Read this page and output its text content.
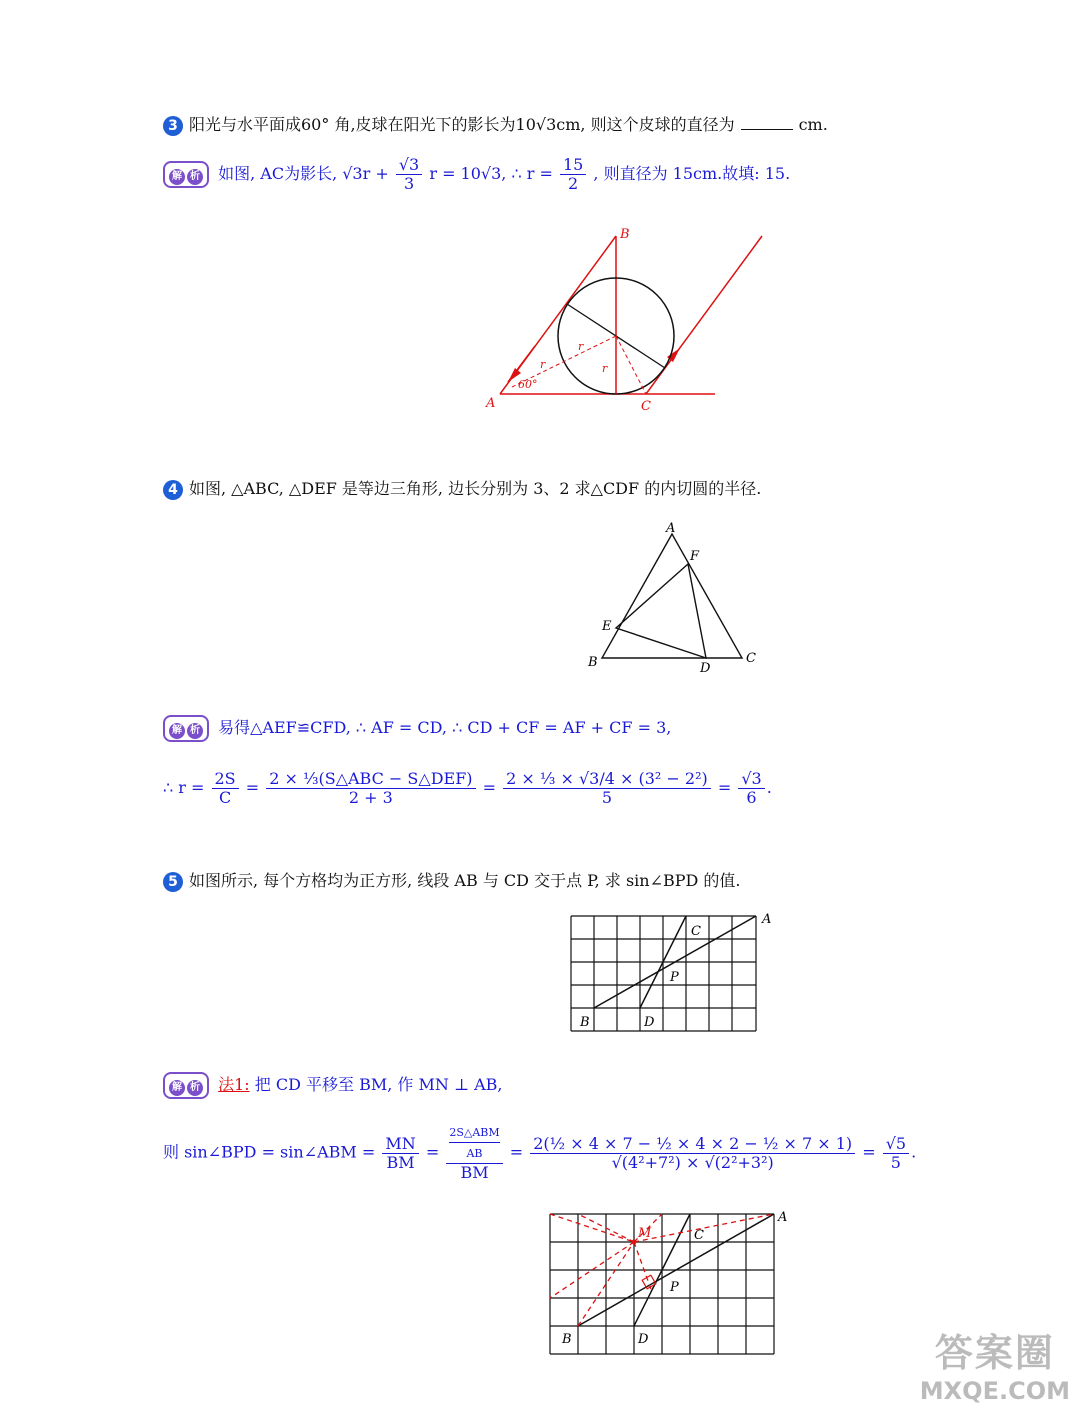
3 阳光与水平面成60° 角,皮球在阳光下的影长为10√3cm, 则这个皮球的直径为	cm.
解 析 如图, AC为影长, $√3r + \frac{√3}{3}$ r = 10√3, ∴ $r = \frac{15}{2}$ , 则直径为 15cm.故填: 15.
A
B
C
60°
r
r
r
4 如图, △ABC, △DEF 是等边三角形, 边长分别为 3、2 求△CDF 的内切圆的半径.
A
B	C
D
E
F
解 析 易得△AEF≌CFD, ∴ AF = CD, ∴ CD + CF = AF + CF = 3,
∴ $r = \frac{2S}{C} = \frac{\text{2 × ⅓(S△ABC − S△DEF)}}{2 + 3} = \frac{\text{2 × ⅓ × √3/4 × (3² − 2²)}}{5} = \frac{√3}{6}$ .
5 如图所示, 每个方格均为正方形, 线段 AB 与 CD 交于点 P, 求 sin∠BPD 的值.
A
B
C
D
P
解 析 法1: 把 CD 平移至 BM, 作 MN ⊥ AB,
则 sin∠BPD = sin∠ABM = $\frac{MN}{BM}$ = 2S△ABM
AB
BM = $\frac{\text{2(½ × 4 × 7 − ½ × 4 × 2 − ½ × 7 × 1)}}{\text{√(4²+7²) × √(2²+3²)}} = \frac{√5}{5}$ .
A
B
C
D
P
M
答案圈
MXQE.COM
